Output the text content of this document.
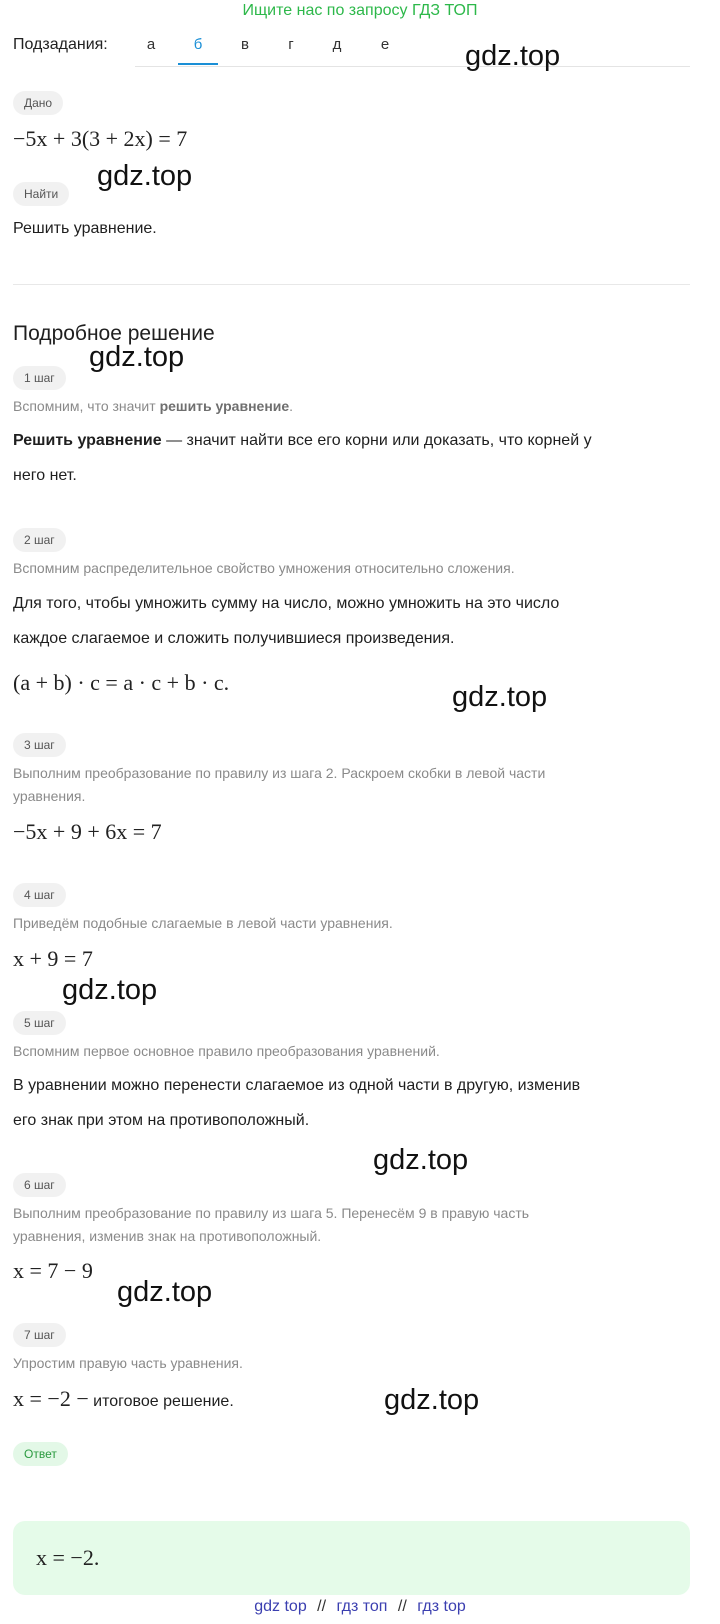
Ищите нас по запросу ГДЗ ТОП
Подзадания:	а	б	в	г	д	е
Дано
−5x + 3(3 + 2x) = 7
Найти
Решить уравнение.
Подробное решение
1 шаг
Вспомним, что значит решить уравнение.
Решить уравнение — значит найти все его корни или доказать, что корней у
него нет.
2 шаг
Вспомним распределительное свойство умножения относительно сложения.
Для того, чтобы умножить сумму на число, можно умножить на это число
каждое слагаемое и сложить получившиеся произведения.
(a + b) · c = a · c + b · c.
3 шаг
Выполним преобразование по правилу из шага 2. Раскроем скобки в левой части
уравнения.
−5x + 9 + 6x = 7
4 шаг
Приведём подобные слагаемые в левой части уравнения.
x + 9 = 7
5 шаг
Вспомним первое основное правило преобразования уравнений.
В уравнении можно перенести слагаемое из одной части в другую, изменив
его знак при этом на противоположный.
6 шаг
Выполним преобразование по правилу из шага 5. Перенесём 9 в правую часть
уравнения, изменив знак на противоположный.
x = 7 − 9
7 шаг
Упростим правую часть уравнения.
x = −2 − итоговое решение.
Ответ
x = −2.
gdz.top
gdz.top
gdz.top
gdz.top
gdz.top
gdz.top
gdz.top
gdz.top
gdz top // гдз топ // гдз top
